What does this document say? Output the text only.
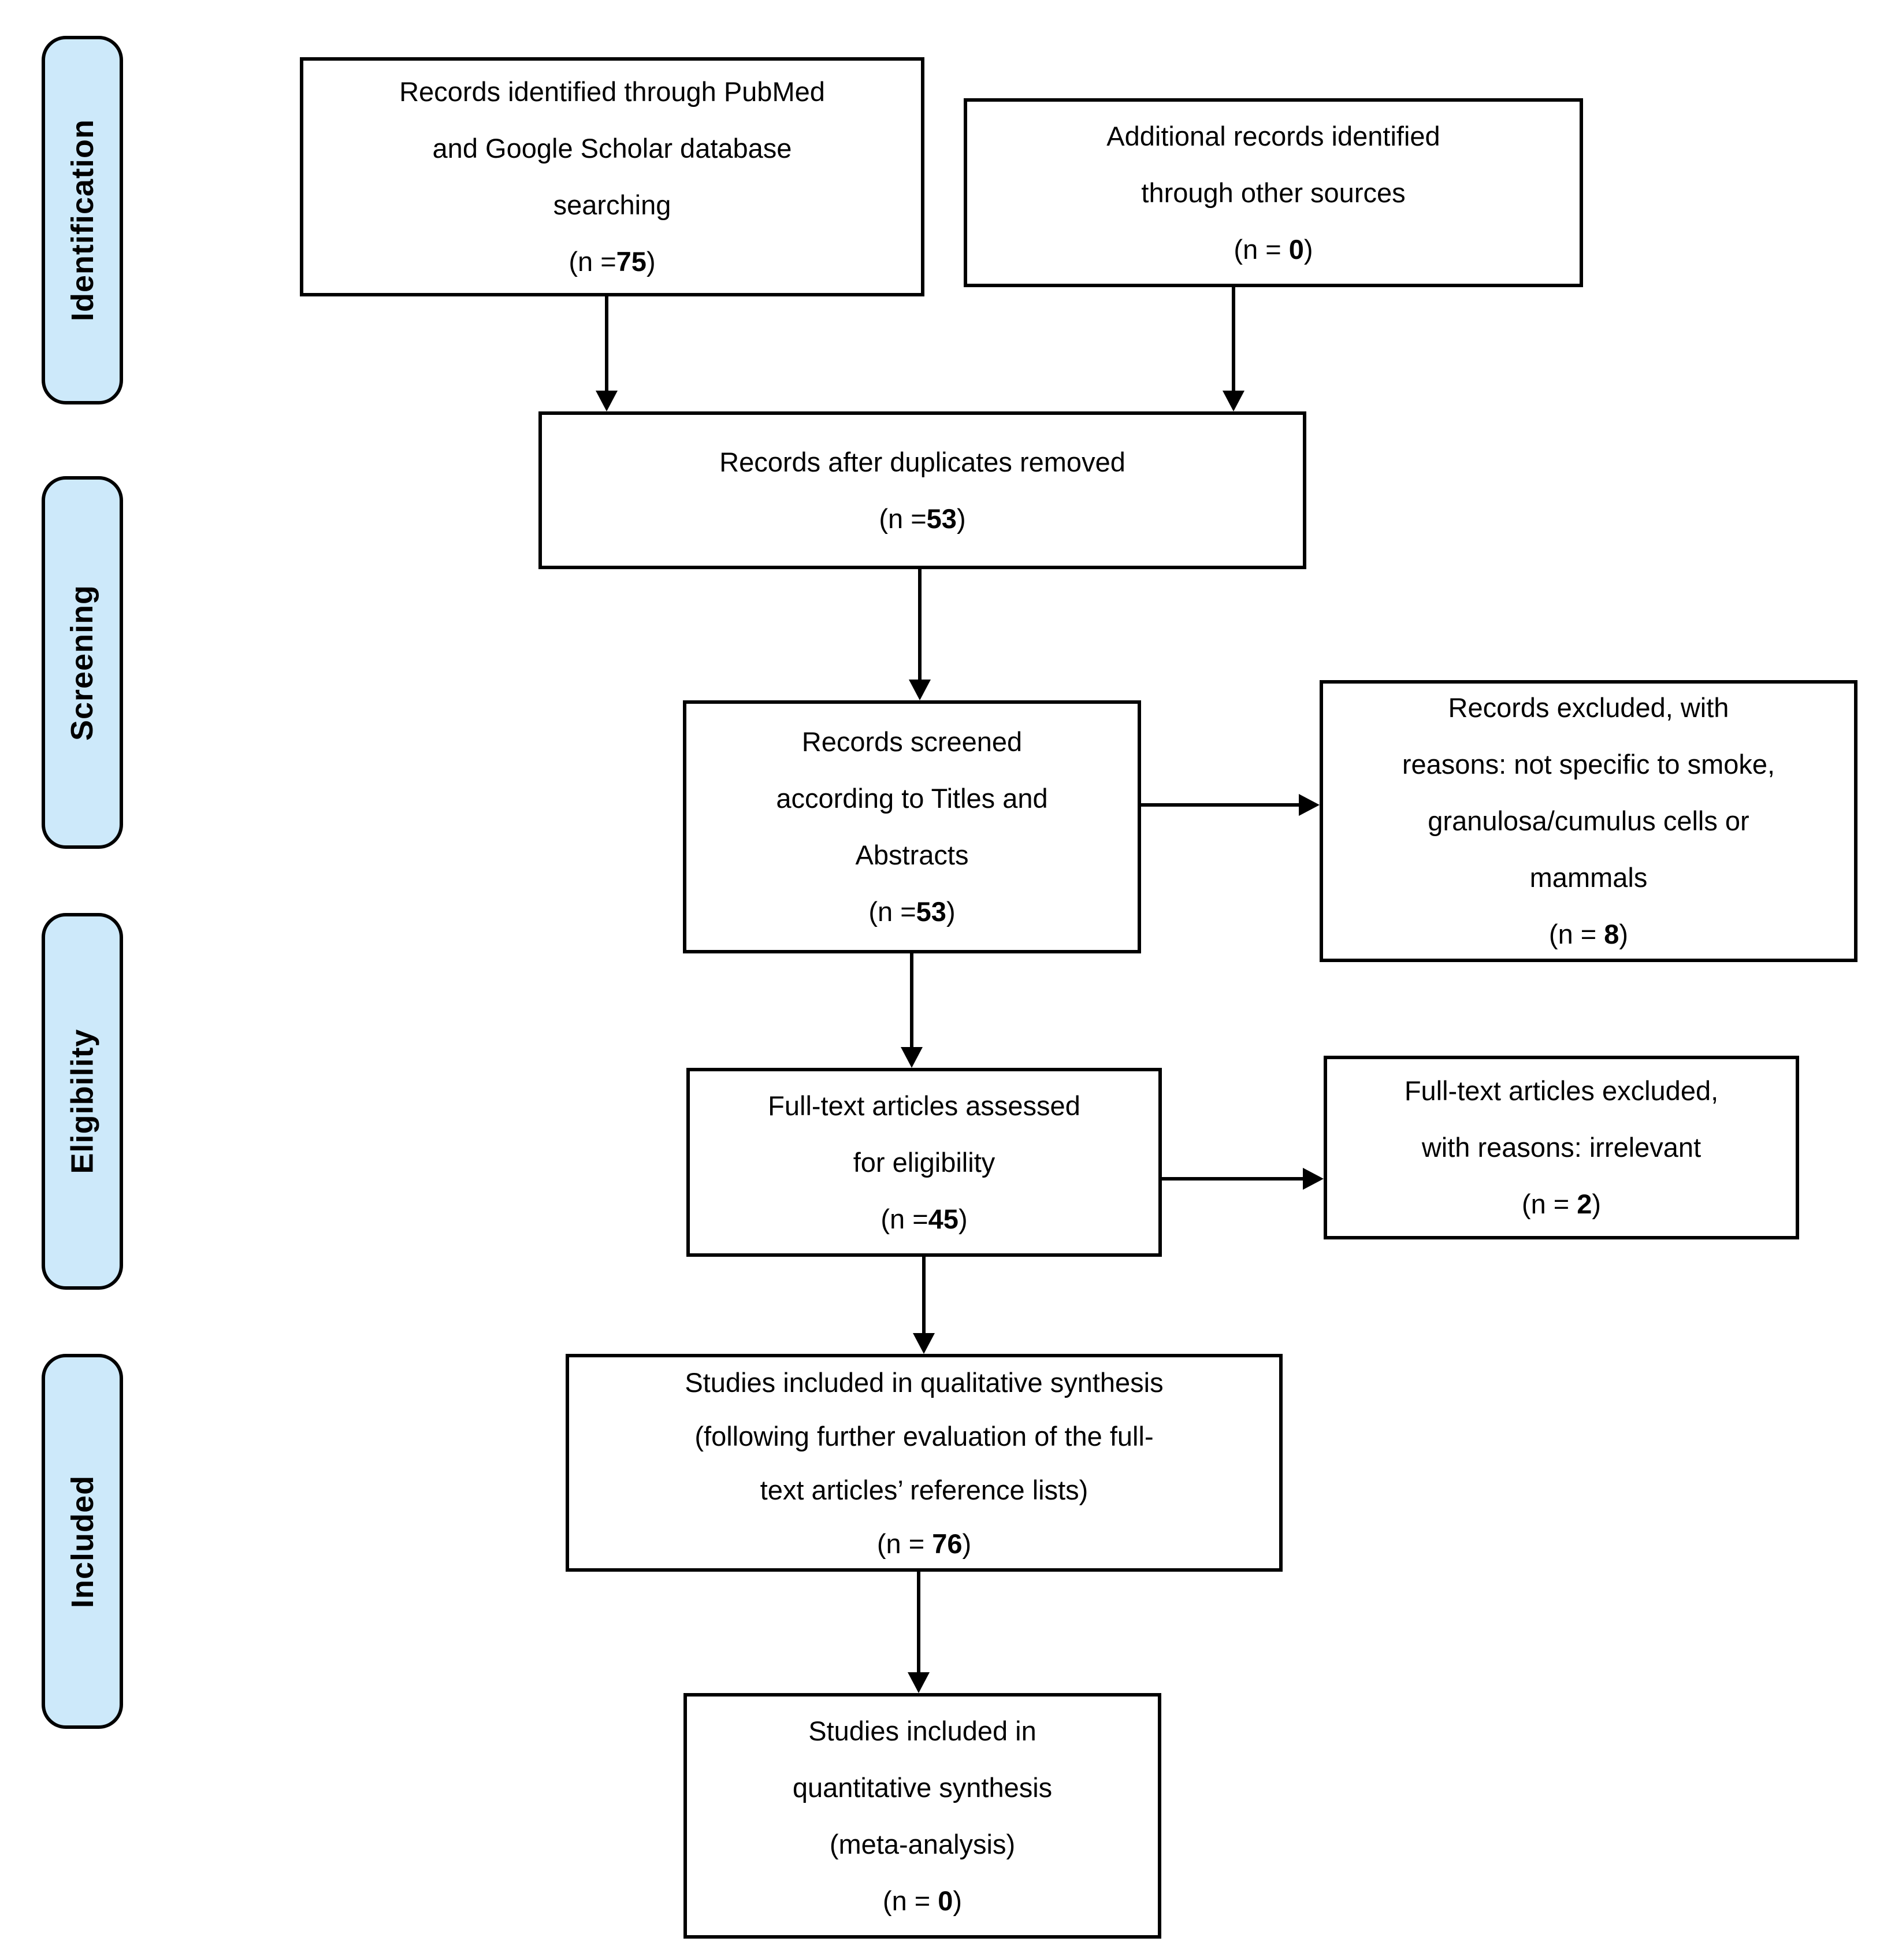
Identification
Screening
Eligibility
Included
Records identified through PubMed
and Google Scholar database
searching
(n =75)
Additional records identified
through other sources
(n = 0)
Records after duplicates removed
(n =53)
Records screened
according to Titles and
Abstracts
(n =53)
Records excluded, with
reasons: not specific to smoke,
granulosa/cumulus cells or
mammals
(n = 8)
Full-text articles assessed
for eligibility
(n =45)
Full-text articles excluded,
with reasons: irrelevant
(n = 2)
Studies included in qualitative synthesis
(following further evaluation of the full-
text articles’ reference lists)
(n = 76)
Studies included in
quantitative synthesis
(meta-analysis)
(n = 0)
